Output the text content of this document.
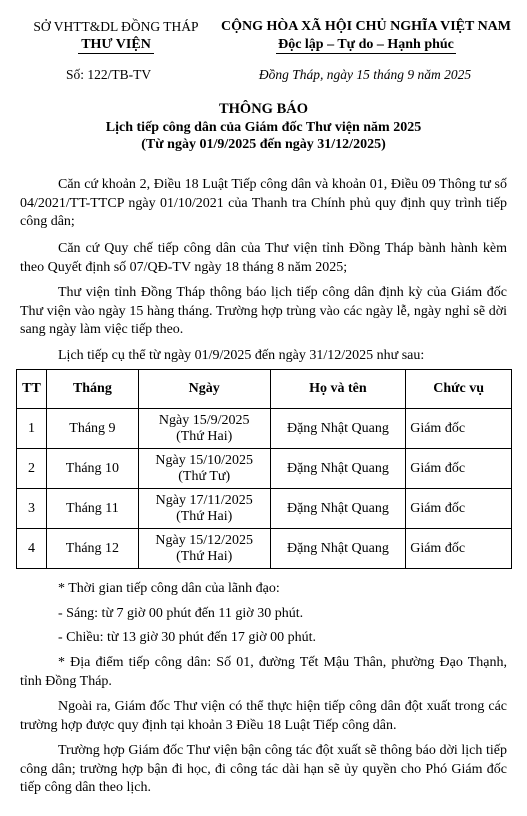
SỞ VHTT&DL ĐỒNG THÁP
THƯ VIỆN
CỘNG HÒA XÃ HỘI CHỦ NGHĨA VIỆT NAM
Độc lập – Tự do – Hạnh phúc
Số: 122/TB-TV	Đồng Tháp, ngày 15 tháng 9 năm 2025
THÔNG BÁO
Lịch tiếp công dân của Giám đốc Thư viện năm 2025
(Từ ngày 01/9/2025 đến ngày 31/12/2025)

Căn cứ khoản 2, Điều 18 Luật Tiếp công dân và khoản 01, Điều 09 Thông tư số 04/2021/TT-TTCP ngày 01/10/2021 của Thanh tra Chính phủ quy định quy trình tiếp công dân;

Căn cứ Quy chế tiếp công dân của Thư viện tỉnh Đồng Tháp bành hành kèm theo Quyết định số 07/QĐ-TV ngày 18 tháng 8 năm 2025;

Thư viện tỉnh Đồng Tháp thông báo lịch tiếp công dân định kỳ của Giám đốc Thư viện vào ngày 15 hàng tháng. Trường hợp trùng vào các ngày lễ, ngày nghỉ sẽ dời sang ngày làm việc tiếp theo.

Lịch tiếp cụ thể từ ngày 01/9/2025 đến ngày 31/12/2025 như sau:

TT	Tháng	Ngày	Họ và tên	Chức vụ
1	Tháng 9	Ngày 15/9/2025
(Thứ Hai)	Đặng Nhật Quang	Giám đốc
2	Tháng 10	Ngày 15/10/2025
(Thứ Tư)	Đặng Nhật Quang	Giám đốc
3	Tháng 11	Ngày 17/11/2025
(Thứ Hai)	Đặng Nhật Quang	Giám đốc
4	Tháng 12	Ngày 15/12/2025
(Thứ Hai)	Đặng Nhật Quang	Giám đốc
* Thời gian tiếp công dân của lãnh đạo:
- Sáng: từ 7 giờ 00 phút đến 11 giờ 30 phút.
- Chiều: từ 13 giờ 30 phút đến 17 giờ 00 phút.

* Địa điểm tiếp công dân: Số 01, đường Tết Mậu Thân, phường Đạo Thạnh, tỉnh Đồng Tháp.

Ngoài ra, Giám đốc Thư viện có thể thực hiện tiếp công dân đột xuất trong các trường hợp được quy định tại khoản 3 Điều 18 Luật Tiếp công dân.

Trường hợp Giám đốc Thư viện bận công tác đột xuất sẽ thông báo dời lịch tiếp công dân; trường hợp bận đi học, đi công tác dài hạn sẽ ủy quyền cho Phó Giám đốc tiếp công dân theo lịch.
